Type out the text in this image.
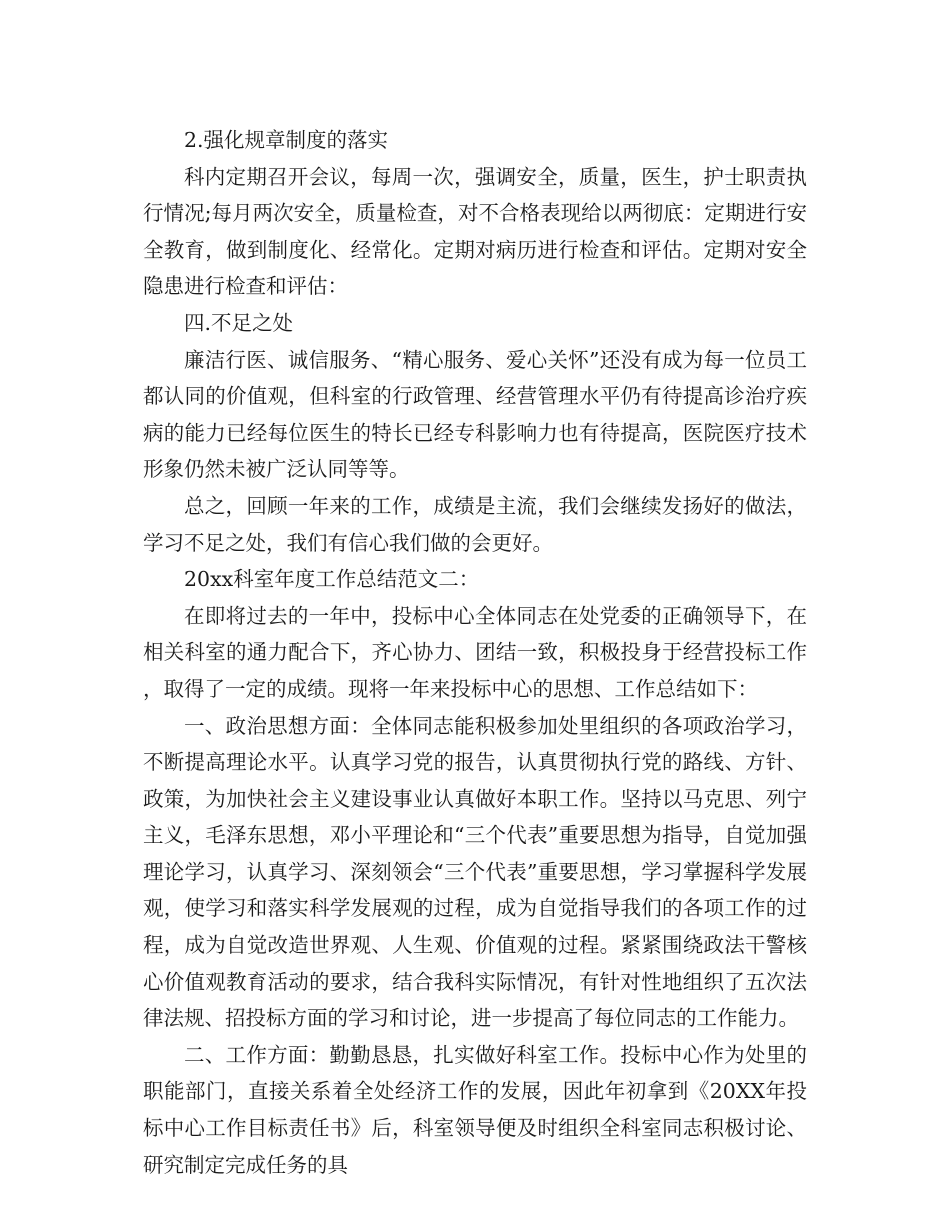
2.强化规章制度的落实

科内定期召开会议，每周一次，强调安全，质量，医生，护士职责执行情况;每月两次安全，质量检查，对不合格表现给以两彻底：定期进行安全教育，做到制度化、经常化。定期对病历进行检查和评估。定期对安全隐患进行检查和评估：

四.不足之处

廉洁行医、诚信服务、“精心服务、爱心关怀”还没有成为每一位员工都认同的价值观，但科室的行政管理、经营管理水平仍有待提高诊治疗疾病的能力已经每位医生的特长已经专科影响力也有待提高，医院医疗技术形象仍然未被广泛认同等等。

总之，回顾一年来的工作，成绩是主流，我们会继续发扬好的做法，学习不足之处，我们有信心我们做的会更好。

20xx科室年度工作总结范文二：

在即将过去的一年中，投标中心全体同志在处党委的正确领导下，在相关科室的通力配合下，齐心协力、团结一致，积极投身于经营投标工作，取得了一定的成绩。现将一年来投标中心的思想、工作总结如下：

一、政治思想方面：全体同志能积极参加处里组织的各项政治学习，不断提高理论水平。认真学习党的报告，认真贯彻执行党的路线、方针、政策，为加快社会主义建设事业认真做好本职工作。坚持以马克思、列宁主义，毛泽东思想，邓小平理论和“三个代表”重要思想为指导，自觉加强理论学习，认真学习、深刻领会“三个代表”重要思想，学习掌握科学发展观，使学习和落实科学发展观的过程，成为自觉指导我们的各项工作的过程，成为自觉改造世界观、人生观、价值观的过程。紧紧围绕政法干警核心价值观教育活动的要求，结合我科实际情况，有针对性地组织了五次法律法规、招投标方面的学习和讨论，进一步提高了每位同志的工作能力。

二、工作方面：勤勤恳恳，扎实做好科室工作。投标中心作为处里的职能部门，直接关系着全处经济工作的发展，因此年初拿到《20XX年投标中心工作目标责任书》后，科室领导便及时组织全科室同志积极讨论、研究制定完成任务的具
